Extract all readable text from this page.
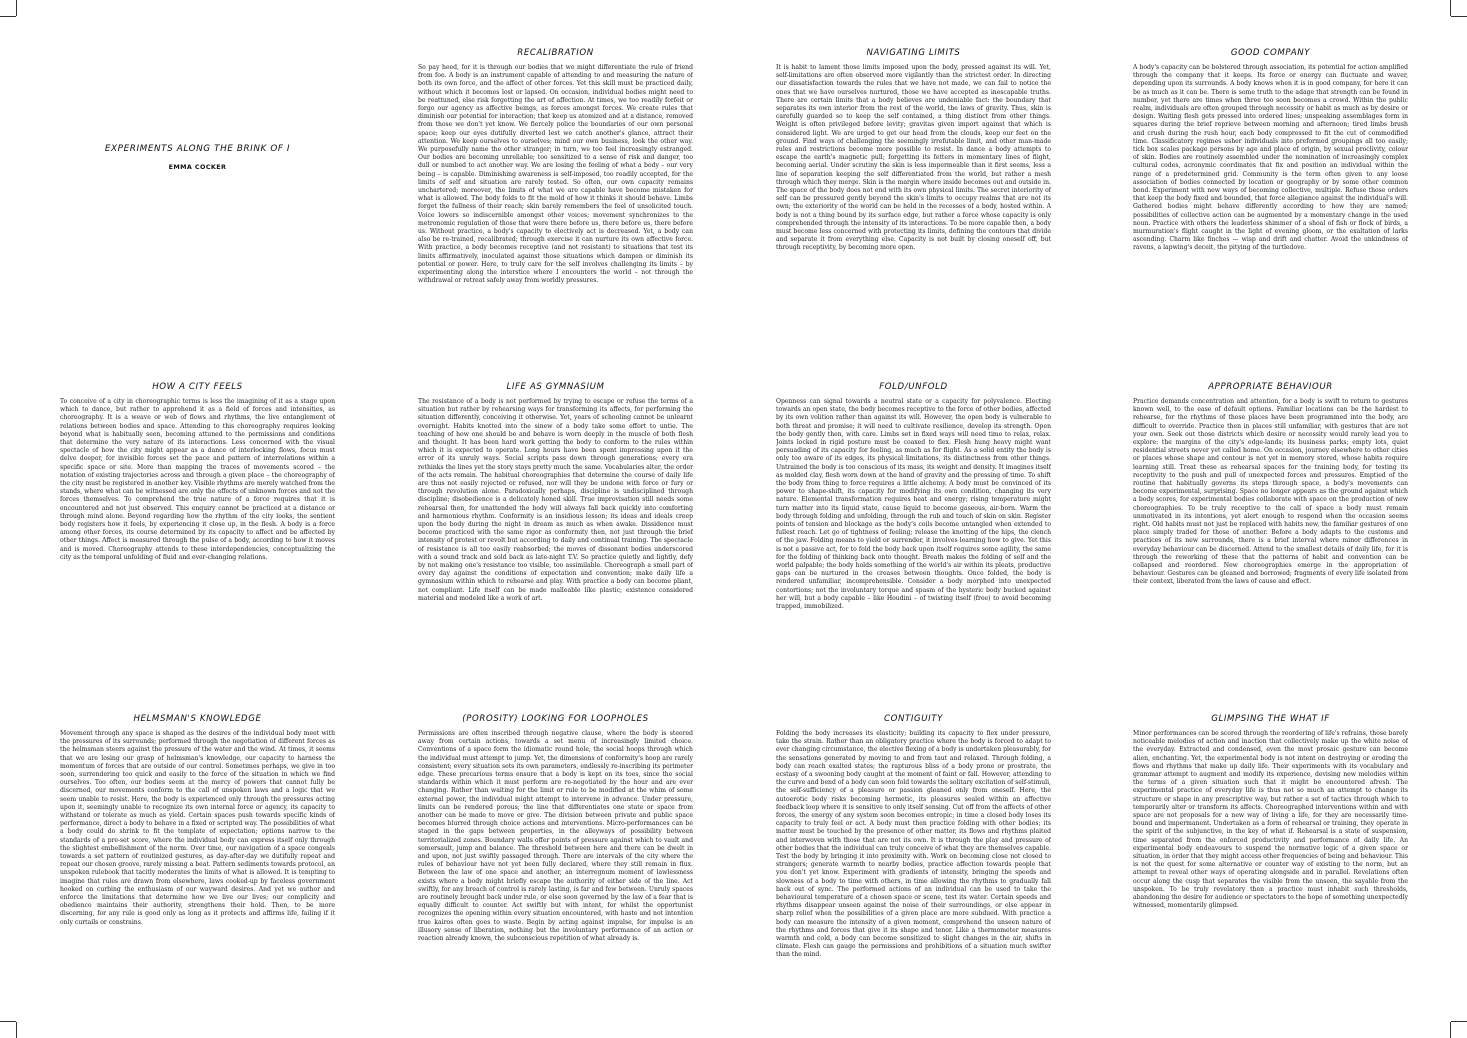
EXPERIMENTS ALONG THE BRINK OF I
EMMA COCKER
RECALIBRATION

So pay heed, for it is through our bodies that we might differentiate the rule of friend from foe. A body is an instrument capable of attending to and measuring the nature of both its own force, and the affect of other forces. Yet this skill must be practiced daily, without which it becomes lost or lapsed. On occasion, individual bodies might need to be reattuned, else risk forgetting the art of affection. At times, we too readily forfeit or forgo our agency as affective beings, as forces amongst forces. We create rules that diminish our potential for interaction; that keep us atomized and at a distance, removed from those we don't yet know. We fiercely police the boundaries of our own personal space; keep our eyes dutifully diverted lest we catch another's glance, attract their attention. We keep ourselves to ourselves; mind our own business, look the other way. We purposefully name the other stranger; in turn, we too feel increasingly estranged. Our bodies are becoming unreliable; too sensitized to a sense of risk and danger, too dull or numbed to act another way. We are losing the feeling of what a body – our very being – is capable. Diminishing awareness is self-imposed, too readily accepted, for the limits of self and situation are rarely tested. So often, our own capacity remains unchartered; moreover, the limits of what we are capable have become mistaken for what is allowed. The body folds to fit the mold of how it thinks it should behave. Limbs forget the fullness of their reach; skin barely remembers the feel of unsolicited touch. Voice lowers so indiscernible amongst other voices; movement synchronizes to the metronomic regulation of those that were there before us, there before us, there before us. Without practice, a body's capacity to electively act is decreased. Yet, a body can also be re-trained, recalibrated; through exercise it can nurture its own affective force. With practice, a body becomes receptive (and not resistant) to situations that test its limits affirmatively, inoculated against those situations which dampen or diminish its potential or power. Here, to truly care for the self involves challenging its limits – by experimenting along the interstice where I encounters the world – not through the withdrawal or retreat safely away from worldly pressures.

NAVIGATING LIMITS

It is habit to lament those limits imposed upon the body, pressed against its will. Yet, self-limitations are often observed more vigilantly than the strictest order. In directing our dissatisfaction towards the rules that we have not made, we can fail to notice the ones that we have ourselves nurtured, those we have accepted as inescapable truths. There are certain limits that a body believes are undeniable fact: the boundary that separates its own interior from the rest of the world, the laws of gravity. Thus, skin is carefully guarded so to keep the self contained, a thing distinct from other things. Weight is often privileged before levity; gravitas given import against that which is considered light. We are urged to get our head from the clouds, keep our feet on the ground. Find ways of challenging the seemingly irrefutable limit, and other man-made rules and restrictions become more possible to resist. In dance a body attempts to escape the earth's magnetic pull; forgetting its fetters in momentary lines of flight, becoming aerial. Under scrutiny the skin is less impermeable than it first seems, less a line of separation keeping the self differentiated from the world, but rather a mesh through which they merge. Skin is the margin where inside becomes out and outside in. The space of the body does not end with its own physical limits. The secret interiority of self can be pressured gently beyond the skin's limits to occupy realms that are not its own; the exteriority of the world can be held in the recesses of a body, hosted within. A body is not a thing bound by its surface edge, but rather a force whose capacity is only comprehended through the intensity of its interactions. To be more capable then, a body must become less concerned with protecting its limits, defining the contours that divide and separate it from everything else. Capacity is not built by closing oneself off, but through receptivity, by becoming more open.

GOOD COMPANY

A body's capacity can be bolstered through association, its potential for action amplified through the company that it keeps. Its force or energy can fluctuate and waver, depending upon its surrounds. A body knows when it is in good company, for here it can be as much as it can be. There is some truth to the adage that strength can be found in number, yet there are times when three too soon becomes a crowd. Within the public realm, individuals are often grouped through necessity or habit as much as by desire or design. Waiting flesh gets pressed into ordered lines; unspeaking assemblages form in squares during the brief reprieve between morning and afternoon; tired limbs brush and crush during the rush hour, each body compressed to fit the cut of commodified time. Classificatory regimes usher individuals into preformed groupings all too easily; tick box scales package persons by age and place of origin, by sexual proclivity, colour of skin. Bodies are routinely assembled under the nomination of increasingly complex cultural codes, acronymic coordinates that fix and position an individual within the range of a predetermined grid. Community is the term often given to any loose association of bodies connected by location or geography or by some other common bond. Experiment with new ways of becoming collective, multiple. Refuse those orders that keep the body fixed and bounded, that force allegiance against the individual's will. Gathered bodies might behave differently according to how they are named; possibilities of collective action can be augmented by a momentary change in the used noun. Practice with others the leaderless shimmer of a shoal of fish or flock of birds, a murmuration's flight caught in the light of evening gloom, or the exaltation of larks ascending. Charm like finches — wisp and drift and chatter. Avoid the unkindness of ravens, a lapwing's deceit, the pitying of the turtledove.

HOW A CITY FEELS

To conceive of a city in choreographic terms is less the imagining of it as a stage upon which to dance, but rather to apprehend it as a field of forces and intensities, as choreography. It is a weave or web of flows and rhythms, the live entanglement of relations between bodies and space. Attending to this choreography requires looking beyond what is habitually seen, becoming attuned to the permissions and conditions that determine the very nature of its interactions. Less concerned with the visual spectacle of how the city might appear as a dance of interlocking flows, focus must delve deeper, for invisible forces set the pace and pattern of interrelations within a specific space or site. More than mapping the traces of movements scored – the notation of existing trajectories across and through a given place – the choreography of the city must be registered in another key. Visible rhythms are merely watched from the stands, where what can be witnessed are only the effects of unknown forces and not the forces themselves. To comprehend the true nature of a force requires that it is encountered and not just observed. This enquiry cannot be practiced at a distance or through mind alone. Beyond regarding how the rhythm of the city looks, the sentient body registers how it feels, by experiencing it close up, in the flesh. A body is a force among other forces, its course determined by its capacity to affect and be affected by other things. Affect is measured through the pulse of a body, according to how it moves and is moved. Choreography attends to these interdependencies, conceptualizing the city as the temporal unfolding of fluid and ever-changing relations.

LIFE AS GYMNASIUM

The resistance of a body is not performed by trying to escape or refuse the terms of a situation but rather by rehearsing ways for transforming its affects, for performing the situation differently, conceiving it otherwise. Yet, years of schooling cannot be unlearnt overnight. Habits knotted into the sinew of a body take some effort to untie. The teaching of how one should be and behave is worn deeply in the muscle of both flesh and thought. It has been hard work getting the body to conform to the rules within which it is expected to operate. Long hours have been spent impressing upon it the error of its unruly ways. Social scripts pass down through generations; every era rethinks the lines yet the story stays pretty much the same. Vocabularies alter, the order of the acts remain. The habitual choreographies that determine the course of daily life are thus not easily rejected or refused, nor will they be undone with force or fury or through revolution alone. Paradoxically perhaps, discipline is undisciplined through discipline; disobedience is a delicately honed skill. True improvisation still needs some rehearsal then, for unattended the body will always fall back quickly into comforting and harmonious rhythm. Conformity is an insidious lesson; its ideas and ideals creep upon the body during the night in dream as much as when awake. Dissidence must become practiced with the same rigor as conformity then, not just through the brief intensity of protest or revolt but according to daily and continual training. The spectacle of resistance is all too easily reabsorbed; the moves of dissonant bodies underscored with a sound track and sold back as late-night T.V. So practice quietly and lightly, defy by not making one's resistance too visible, too assimilable. Choreograph a small part of every day against the conditions of expectation and convention; make daily life a gymnasium within which to rehearse and play. With practice a body can become pliant, not compliant. Life itself can be made malleable like plastic; existence considered material and modeled like a work of art.

FOLD/UNFOLD

Openness can signal towards a neutral state or a capacity for polyvalence. Electing towards an open state, the body becomes receptive to the force of other bodies, affected by its own volition rather than against its will. However, the open body is vulnerable to both threat and promise; it will need to cultivate resilience, develop its strength. Open the body gently then, with care. Limbs set in fixed ways will need time to relax, relax. Joints locked in rigid posture must be coaxed to flex. Flesh hung heavy might want persuading of its capacity for feeling, as much as for flight. As a solid entity the body is only too aware of its edges, its physical limitations, its distinctness from other things. Untrained the body is too conscious of its mass, its weight and density. It imagines itself as molded clay, flesh worn down at the hand of gravity and the pressing of time. To shift the body from thing to force requires a little alchemy. A body must be convinced of its power to shape-shift, its capacity for modifying its own condition, changing its very nature. Elemental transformation requires heat and energy; rising temperature might turn matter into its liquid state, cause liquid to become gaseous, air-born. Warm the body through folding and unfolding, through the rub and touch of skin on skin. Register points of tension and blockage as the body's coils become untangled when extended to fullest reach. Let go of tightness of feeling; release the knotting of the hips, the clench of the jaw. Folding means to yield or surrender, it involves learning how to give. Yet this is not a passive act, for to fold the body back upon itself requires some agility, the same for the folding of thinking back onto thought. Breath makes the folding of self and the world palpable; the body holds something of the world's air within its pleats, productive gaps can be nurtured in the creases between thoughts. Once folded, the body is rendered unfamiliar, incomprehensible. Consider a body morphed into unexpected contortions; not the involuntary torque and spasm of the hysteric body bucked against her will, but a body capable – like Houdini – of twisting itself (free) to avoid becoming trapped, immobilized.

APPROPRIATE BEHAVIOUR

Practice demands concentration and attention, for a body is swift to return to gestures known well, to the ease of default options. Familiar locations can be the hardest to rehearse, for the rhythms of these places have been programmed into the body, are difficult to override. Practice then in places still unfamiliar, with gestures that are not your own. Seek out those districts which desire or necessity would rarely lead you to explore: the margins of the city's edge-lands; its business parks; empty lots, quiet residential streets never yet called home. On occasion, journey elsewhere to other cities or places whose shape and contour is not yet in memory stored, whose habits require learning still. Treat these as rehearsal spaces for the training body, for testing its receptivity to the push and pull of unexpected forces and pressures. Emptied of the routine that habitually governs its steps through space, a body's movements can become experimental, surprising. Space no longer appears as the ground against which a body scores, for experimental bodies collaborate with space on the production of new choreographies. To be truly receptive to the call of space a body must remain unmotivated in its intentions, yet alert enough to respond when the occasion seems right. Old habits must not just be replaced with habits new, the familiar gestures of one place simply traded for those of another. Before a body adapts to the customs and practices of its new surrounds, there is a brief interval where minor differences in everyday behaviour can be discerned. Attend to the smallest details of daily life, for it is through the reworking of these that the patterns of habit and convention can be collapsed and reordered. New choreographies emerge in the appropriation of behaviour. Gestures can be gleaned and borrowed; fragments of every life isolated from their context, liberated from the laws of cause and effect.

HELMSMAN'S KNOWLEDGE

Movement through any space is shaped as the desires of the individual body meet with the pressures of its surrounds; performed through the negotiation of different forces as the helmsman steers against the pressure of the water and the wind. At times, it seems that we are losing our grasp of helmsman's knowledge, our capacity to harness the momentum of forces that are outside of our control. Sometimes perhaps, we give in too soon, surrendering too quick and easily to the force of the situation in which we find ourselves. Too often, our bodies seem at the mercy of powers that cannot fully be discerned, our movements conform to the call of unspoken laws and a logic that we seem unable to resist. Here, the body is experienced only through the pressures acting upon it, seemingly unable to recognize its own internal force or agency, its capacity to withstand or tolerate as much as yield. Certain spaces push towards specific kinds of performance, direct a body to behave in a fixed or scripted way. The possibilities of what a body could do shrink to fit the template of expectation; options narrow to the standards of a pre-set score, where the individual body can express itself only through the slightest embellishment of the norm. Over time, our navigation of a space congeals towards a set pattern of routinized gestures, as day-after-day we dutifully repeat and repeat our chosen groove, rarely missing a beat. Pattern sediments towards protocol, an unspoken rulebook that tacitly moderates the limits of what is allowed. It is tempting to imagine that rules are drawn from elsewhere, laws cooked-up by faceless government hooked on curbing the enthusiasm of our wayward desires. And yet we author and enforce the limitations that determine how we live our lives; our complicity and obedience maintains their authority, strengthens their hold. Then, to be more discerning, for any rule is good only as long as it protects and affirms life, failing if it only curtails or constrains.

(POROSITY) LOOKING FOR LOOPHOLES

Permissions are often inscribed through negative clause, where the body is steered away from certain actions, towards a set menu of increasingly limited choice. Conventions of a space form the idiomatic round hole, the social hoops through which the individual must attempt to jump. Yet, the dimensions of conformity's hoop are rarely consistent; every situation sets its own parameters, endlessly re-inscribing its perimeter edge. These precarious terms ensure that a body is kept on its toes, since the social standards within which it must perform are re-negotiated by the hour and are ever changing. Rather than waiting for the limit or rule to be modified at the whim of some external power, the individual might attempt to intervene in advance. Under pressure, limits can be rendered porous; the line that differentiates one state or space from another can be made to move or give. The division between private and public space becomes blurred through choice actions and interventions. Micro-performances can be staged in the gaps between properties, in the alleyways of possibility between territorialized zones. Boundary walls offer points of pressure against which to vault and somersault, jump and balance. The threshold between here and there can be dwelt in and upon, not just swiftly passaged through. There are intervals of the city where the rules of behaviour have not yet been fully declared, where they still remain in flux. Between the law of one space and another, an interregnum moment of lawlessness exists where a body might briefly escape the authority of either side of the line. Act swiftly, for any breach of control is rarely lasting, is far and few between. Unruly spaces are routinely brought back under rule, or else soon governed by the law of a fear that is equally difficult to counter. Act swiftly but with intent, for whilst the opportunist recognizes the opening within every situation encountered, with haste and not intention true kairos often goes to waste. Begin by acting against impulse, for impulse is an illusory sense of liberation, nothing but the involuntary performance of an action or reaction already known, the subconscious repetition of what already is.

CONTIGUITY

Folding the body increases its elasticity; building its capacity to flex under pressure, take the strain. Rather than an obligatory practice where the body is forced to adapt to ever changing circumstance, the elective flexing of a body is undertaken pleasurably, for the sensations generated by moving to and from taut and relaxed. Through folding, a body can reach exalted states; the rapturous bliss of a body prone or prostrate, the ecstasy of a swooning body caught at the moment of faint or fall. However, attending to the curve and bend of a body can soon fold towards the solitary excitation of self-stimuli, the self-sufficiency of a pleasure or passion gleaned only from oneself. Here, the autoerotic body risks becoming hermetic, its pleasures sealed within an affective feedback loop where it is sensitive to only itself sensing. Cut off from the affects of other forces, the energy of any system soon becomes entropic; in time a closed body loses its capacity to truly feel or act. A body must then practice folding with other bodies; its matter must be touched by the presence of other matter, its flows and rhythms plaited and interwoven with those that are not its own. It is through the play and pressure of other bodies that the individual can truly conceive of what they are themselves capable. Test the body by bringing it into proximity with. Work on becoming close not closed to strangers; generate warmth to nearby bodies, practice affection towards people that you don't yet know. Experiment with gradients of intensity, bringing the speeds and slowness of a body to time with others, in time allowing the rhythms to gradually fall back out of sync. The performed actions of an individual can be used to take the behavioural temperature of a chosen space or scene, test its water. Certain speeds and rhythms disappear unseen against the noise of their surroundings, or else appear in sharp relief when the possibilities of a given place are more subdued. With practice a body can measure the intensity of a given moment, comprehend the unseen nature of the rhythms and forces that give it its shape and tenor. Like a thermometer measures warmth and cold, a body can become sensitized to slight changes in the air, shifts in climate. Flesh can gauge the permissions and prohibitions of a situation much swifter than the mind.

GLIMPSING THE WHAT IF

Minor performances can be scored through the reordering of life's refrains, those barely noticeable melodies of action and inaction that collectively make up the white noise of the everyday. Extracted and condensed, even the most prosaic gesture can become alien, enchanting. Yet, the experimental body is not intent on destroying or eroding the flows and rhythms that make up daily life. Their experiments with its vocabulary and grammar attempt to augment and modify its experience, devising new melodies within the terms of a given situation such that it might be encountered afresh. The experimental practice of everyday life is thus not so much an attempt to change its structure or shape in any prescriptive way, but rather a set of tactics through which to temporarily alter or transform its affects. Choreographed interventions within and with space are not proposals for a new way of living a life, for they are necessarily time-bound and impermanent. Undertaken as a form of rehearsal or training, they operate in the spirit of the subjunctive, in the key of what if. Rehearsal is a state of suspension, time separated from the enforced productivity and performance of daily life. An experimental body endeavours to suspend the normative logic of a given space or situation, in order that they might access other frequencies of being and behaviour. This is not the quest for some alternative or counter way of existing to the norm, but an attempt to reveal other ways of operating alongside and in parallel. Revelations often occur along the cusp that separates the visible from the unseen, the sayable from the unspoken. To be truly revelatory then a practice must inhabit such thresholds, abandoning the desire for audience or spectators to the hope of something unexpectedly witnessed, momentarily glimpsed.
